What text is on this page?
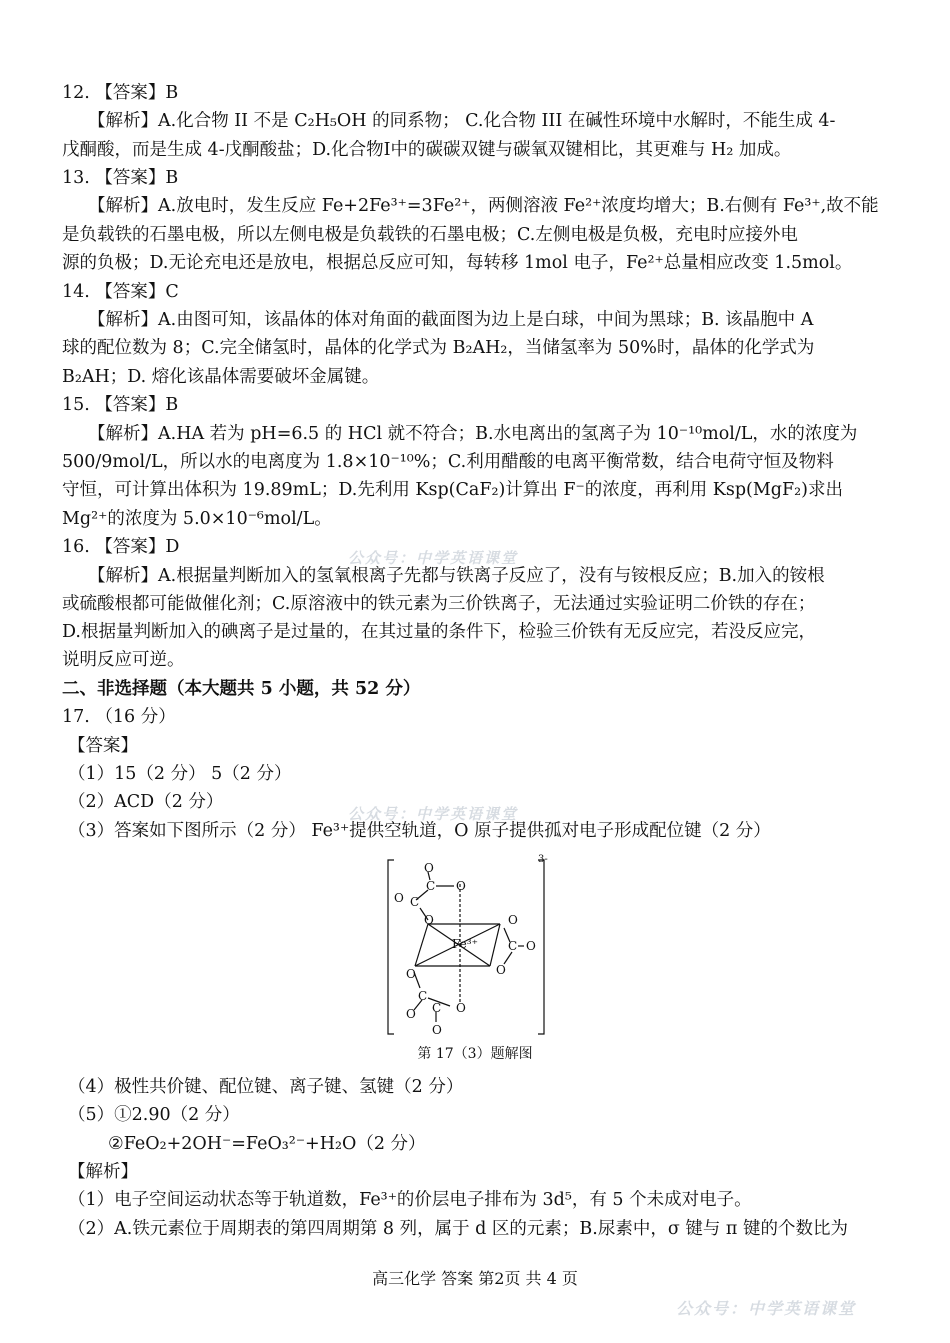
12. 【答案】B
【解析】A.化合物 II 不是 C₂H₅OH 的同系物； C.化合物 III 在碱性环境中水解时，不能生成 4-
戊酮酸，而是生成 4-戊酮酸盐；D.化合物I中的碳碳双键与碳氧双键相比，其更难与 H₂ 加成。
13. 【答案】B
【解析】A.放电时，发生反应 Fe+2Fe³⁺=3Fe²⁺，两侧溶液 Fe²⁺浓度均增大；B.右侧有 Fe³⁺,故不能
是负载铁的石墨电极，所以左侧电极是负载铁的石墨电极；C.左侧电极是负极，充电时应接外电
源的负极；D.无论充电还是放电，根据总反应可知，每转移 1mol 电子，Fe²⁺总量相应改变 1.5mol。
14. 【答案】C
【解析】A.由图可知，该晶体的体对角面的截面图为边上是白球，中间为黑球；B. 该晶胞中 A
球的配位数为 8；C.完全储氢时，晶体的化学式为 B₂AH₂，当储氢率为 50%时，晶体的化学式为
B₂AH；D. 熔化该晶体需要破坏金属键。
15. 【答案】B
【解析】A.HA 若为 pH=6.5 的 HCl 就不符合；B.水电离出的氢离子为 10⁻¹⁰mol/L，水的浓度为
500/9mol/L，所以水的电离度为 1.8×10⁻¹⁰%；C.利用醋酸的电离平衡常数，结合电荷守恒及物料
守恒，可计算出体积为 19.89mL；D.先利用 Ksp(CaF₂)计算出 F⁻的浓度，再利用 Ksp(MgF₂)求出
Mg²⁺的浓度为 5.0×10⁻⁶mol/L。
16. 【答案】D
公众号：中学英语课堂
【解析】A.根据量判断加入的氢氧根离子先都与铁离子反应了，没有与铵根反应；B.加入的铵根
或硫酸根都可能做催化剂；C.原溶液中的铁元素为三价铁离子，无法通过实验证明二价铁的存在；
D.根据量判断加入的碘离子是过量的，在其过量的条件下，检验三价铁有无反应完，若没反应完，
说明反应可逆。
二、非选择题（本大题共 5 小题，共 52 分）
17. （16 分）
【答案】
（1）15（2 分） 5（2 分）
（2）ACD（2 分）
公众号：中学英语课堂
（3）答案如下图所示（2 分） Fe³⁺提供空轨道，O 原子提供孤对电子形成配位键（2 分）
3-
Fe³⁺
O
C O
O C
O	O
C O
O
O
C
O C O
O
第 17（3）题解图
（4）极性共价键、配位键、离子键、氢键（2 分）
（5）①2.90（2 分）
②FeO₂+2OH⁻=FeO₃²⁻+H₂O（2 分）
【解析】
（1）电子空间运动状态等于轨道数，Fe³⁺的价层电子排布为 3d⁵，有 5 个未成对电子。
（2）A.铁元素位于周期表的第四周期第 8 列，属于 d 区的元素；B.尿素中，σ 键与 π 键的个数比为
高三化学 答案 第2页 共 4 页
公众号：中学英语课堂
